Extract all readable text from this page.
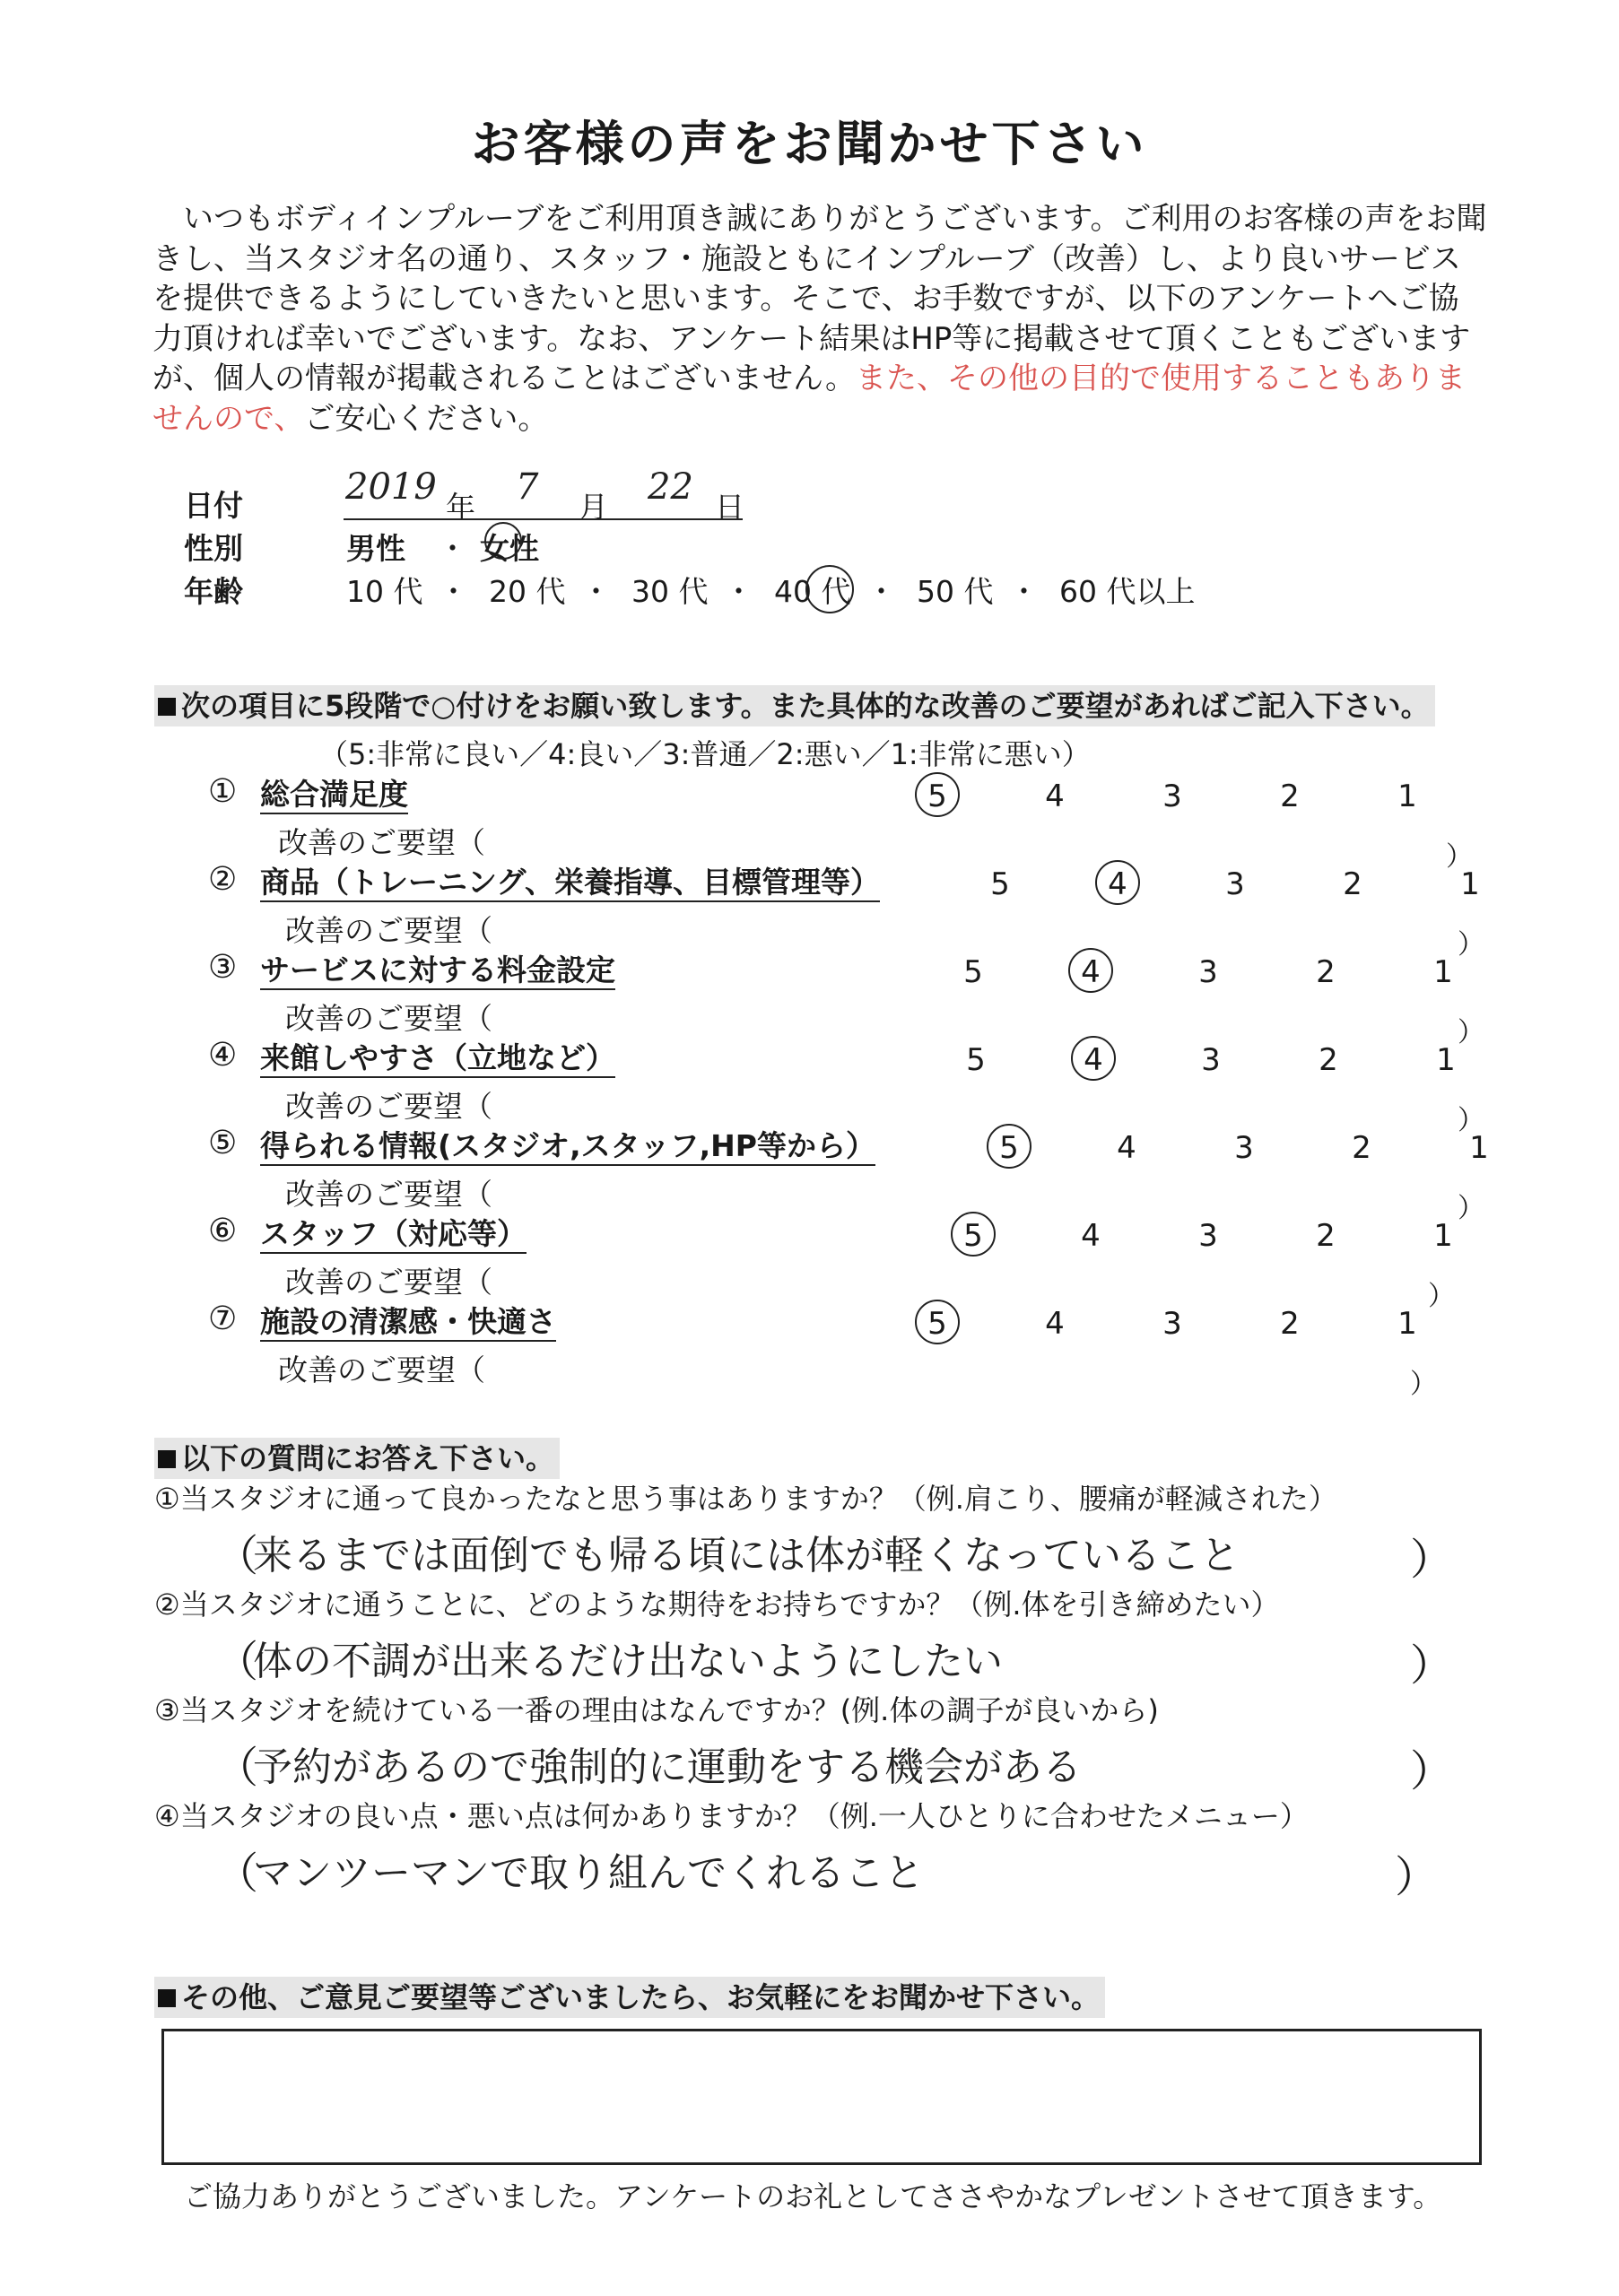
お客様の声をお聞かせ下さい
いつもボディインプルーブをご利用頂き誠にありがとうございます。ご利用のお客様の声をお聞きし、当スタジオ名の通り、スタッフ・施設ともにインプルーブ（改善）し、より良いサービスを提供できるようにしていきたいと思います。そこで、お手数ですが、以下のアンケートへご協力頂ければ幸いでございます。なお、アンケート結果はHP等に掲載させて頂くこともございますが、個人の情報が掲載されることはございません。また、その他の目的で使用することもありませんので、ご安心ください。
日付	2019 年 7 月 22 日
性別	男性 ・ 女性
年齢	10 代 ・ 20 代 ・ 30 代 ・ 40 代 ・ 50 代 ・ 60 代以上
次の項目に5段階で○付けをお願い致します。また具体的な改善のご要望があればご記入下さい。
（5:非常に良い／4:良い／3:普通／2:悪い／1:非常に悪い）
① 総合満足度	5	4	3	2	1
改善のご要望（	）
② 商品（トレーニング、栄養指導、目標管理等）	5	4	3	2	1
改善のご要望（	）
③ サービスに対する料金設定	5	4	3	2	1
改善のご要望（	）
④ 来館しやすさ（立地など）	5	4	3	2	1
改善のご要望（	）
⑤ 得られる情報(スタジオ,スタッフ,HP等から）	5	4	3	2	1
改善のご要望（	）
⑥ スタッフ（対応等）	5	4	3	2	1
改善のご要望（	）
⑦ 施設の清潔感・快適さ	5	4	3	2	1
改善のご要望（	）
以下の質問にお答え下さい。
①当スタジオに通って良かったなと思う事はありますか？（例.肩こり、腰痛が軽減された）
（
来るまでは面倒でも帰る頃には体が軽くなっていること	）
②当スタジオに通うことに、どのような期待をお持ちですか？（例.体を引き締めたい）
（
体の不調が出来るだけ出ないようにしたい	）
③当スタジオを続けている一番の理由はなんですか？(例.体の調子が良いから)
（
予約があるので強制的に運動をする機会がある	）
④当スタジオの良い点・悪い点は何かありますか？（例.一人ひとりに合わせたメニュー）
（
マンツーマンで取り組んでくれること	）
その他、ご意見ご要望等ございましたら、お気軽にをお聞かせ下さい。
ご協力ありがとうございました。アンケートのお礼としてささやかなプレゼントさせて頂きます。
